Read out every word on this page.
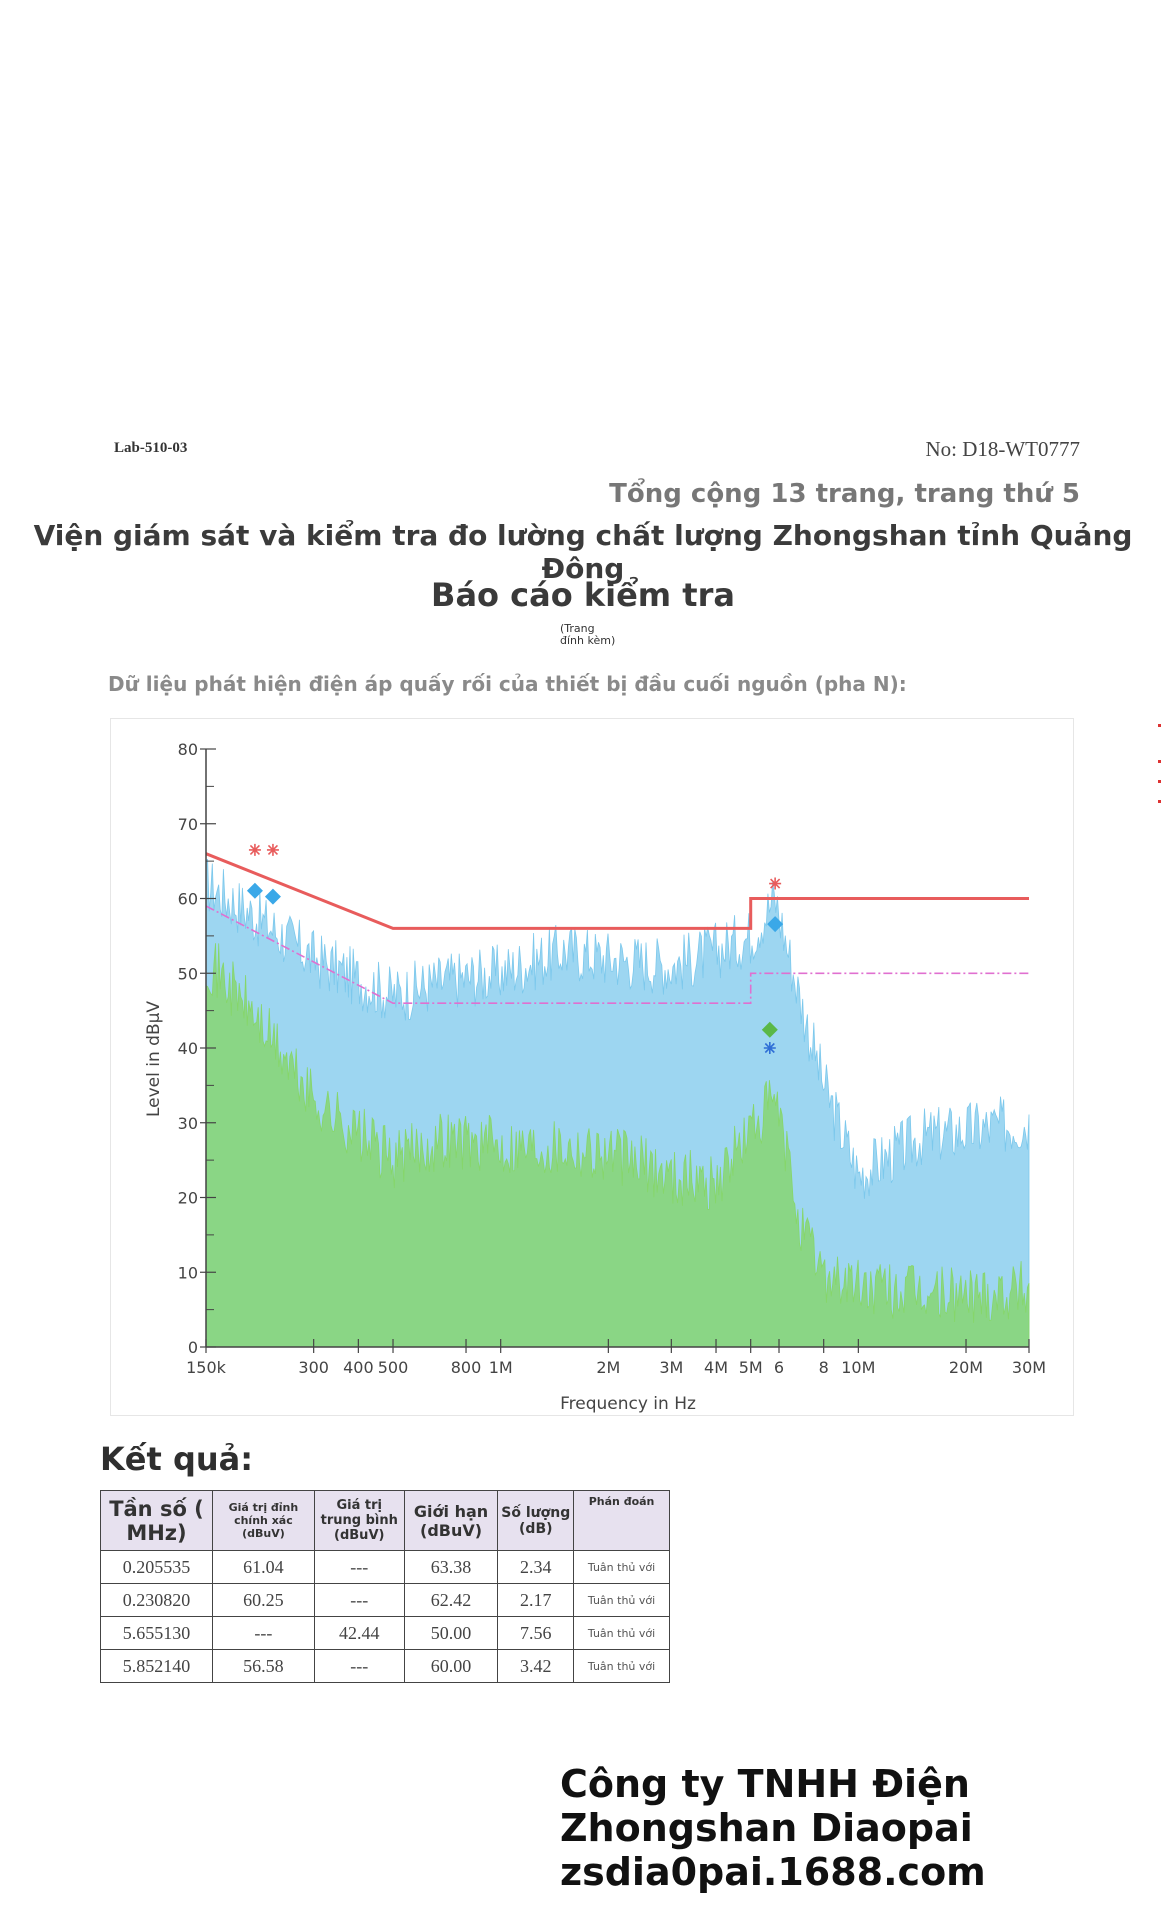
Lab-510-03	No: D18-WT0777
Tổng cộng 13 trang, trang thứ 5
Viện giám sát và kiểm tra đo lường chất lượng Zhongshan tỉnh Quảng Đông
Báo cáo kiểm tra
(Trang
đính kèm)
Dữ liệu phát hiện điện áp quấy rối của thiết bị đầu cuối nguồn (pha N):
0
10
20
30
40
50
60
70
80
150k	300 400 500	800 1M	2M 3M 4M 5M 6 8 10M	20M 30M
Frequency in Hz
Level in dBµV
Kết quả:
Tần số ( MHz)	Giá trị đỉnh chính xác (dBuV)	Giá trị trung bình (dBuV)	Giới hạn (dBuV)	Số lượng (dB)	Phán đoán
0.205535	61.04	---	63.38	2.34	Tuân thủ với
0.230820	60.25	---	62.42	2.17	Tuân thủ với
5.655130	---	42.44	50.00	7.56	Tuân thủ với
5.852140	56.58	---	60.00	3.42	Tuân thủ với
Công ty TNHH Điện
Zhongshan Diaopai
zsdia0pai.1688.com
